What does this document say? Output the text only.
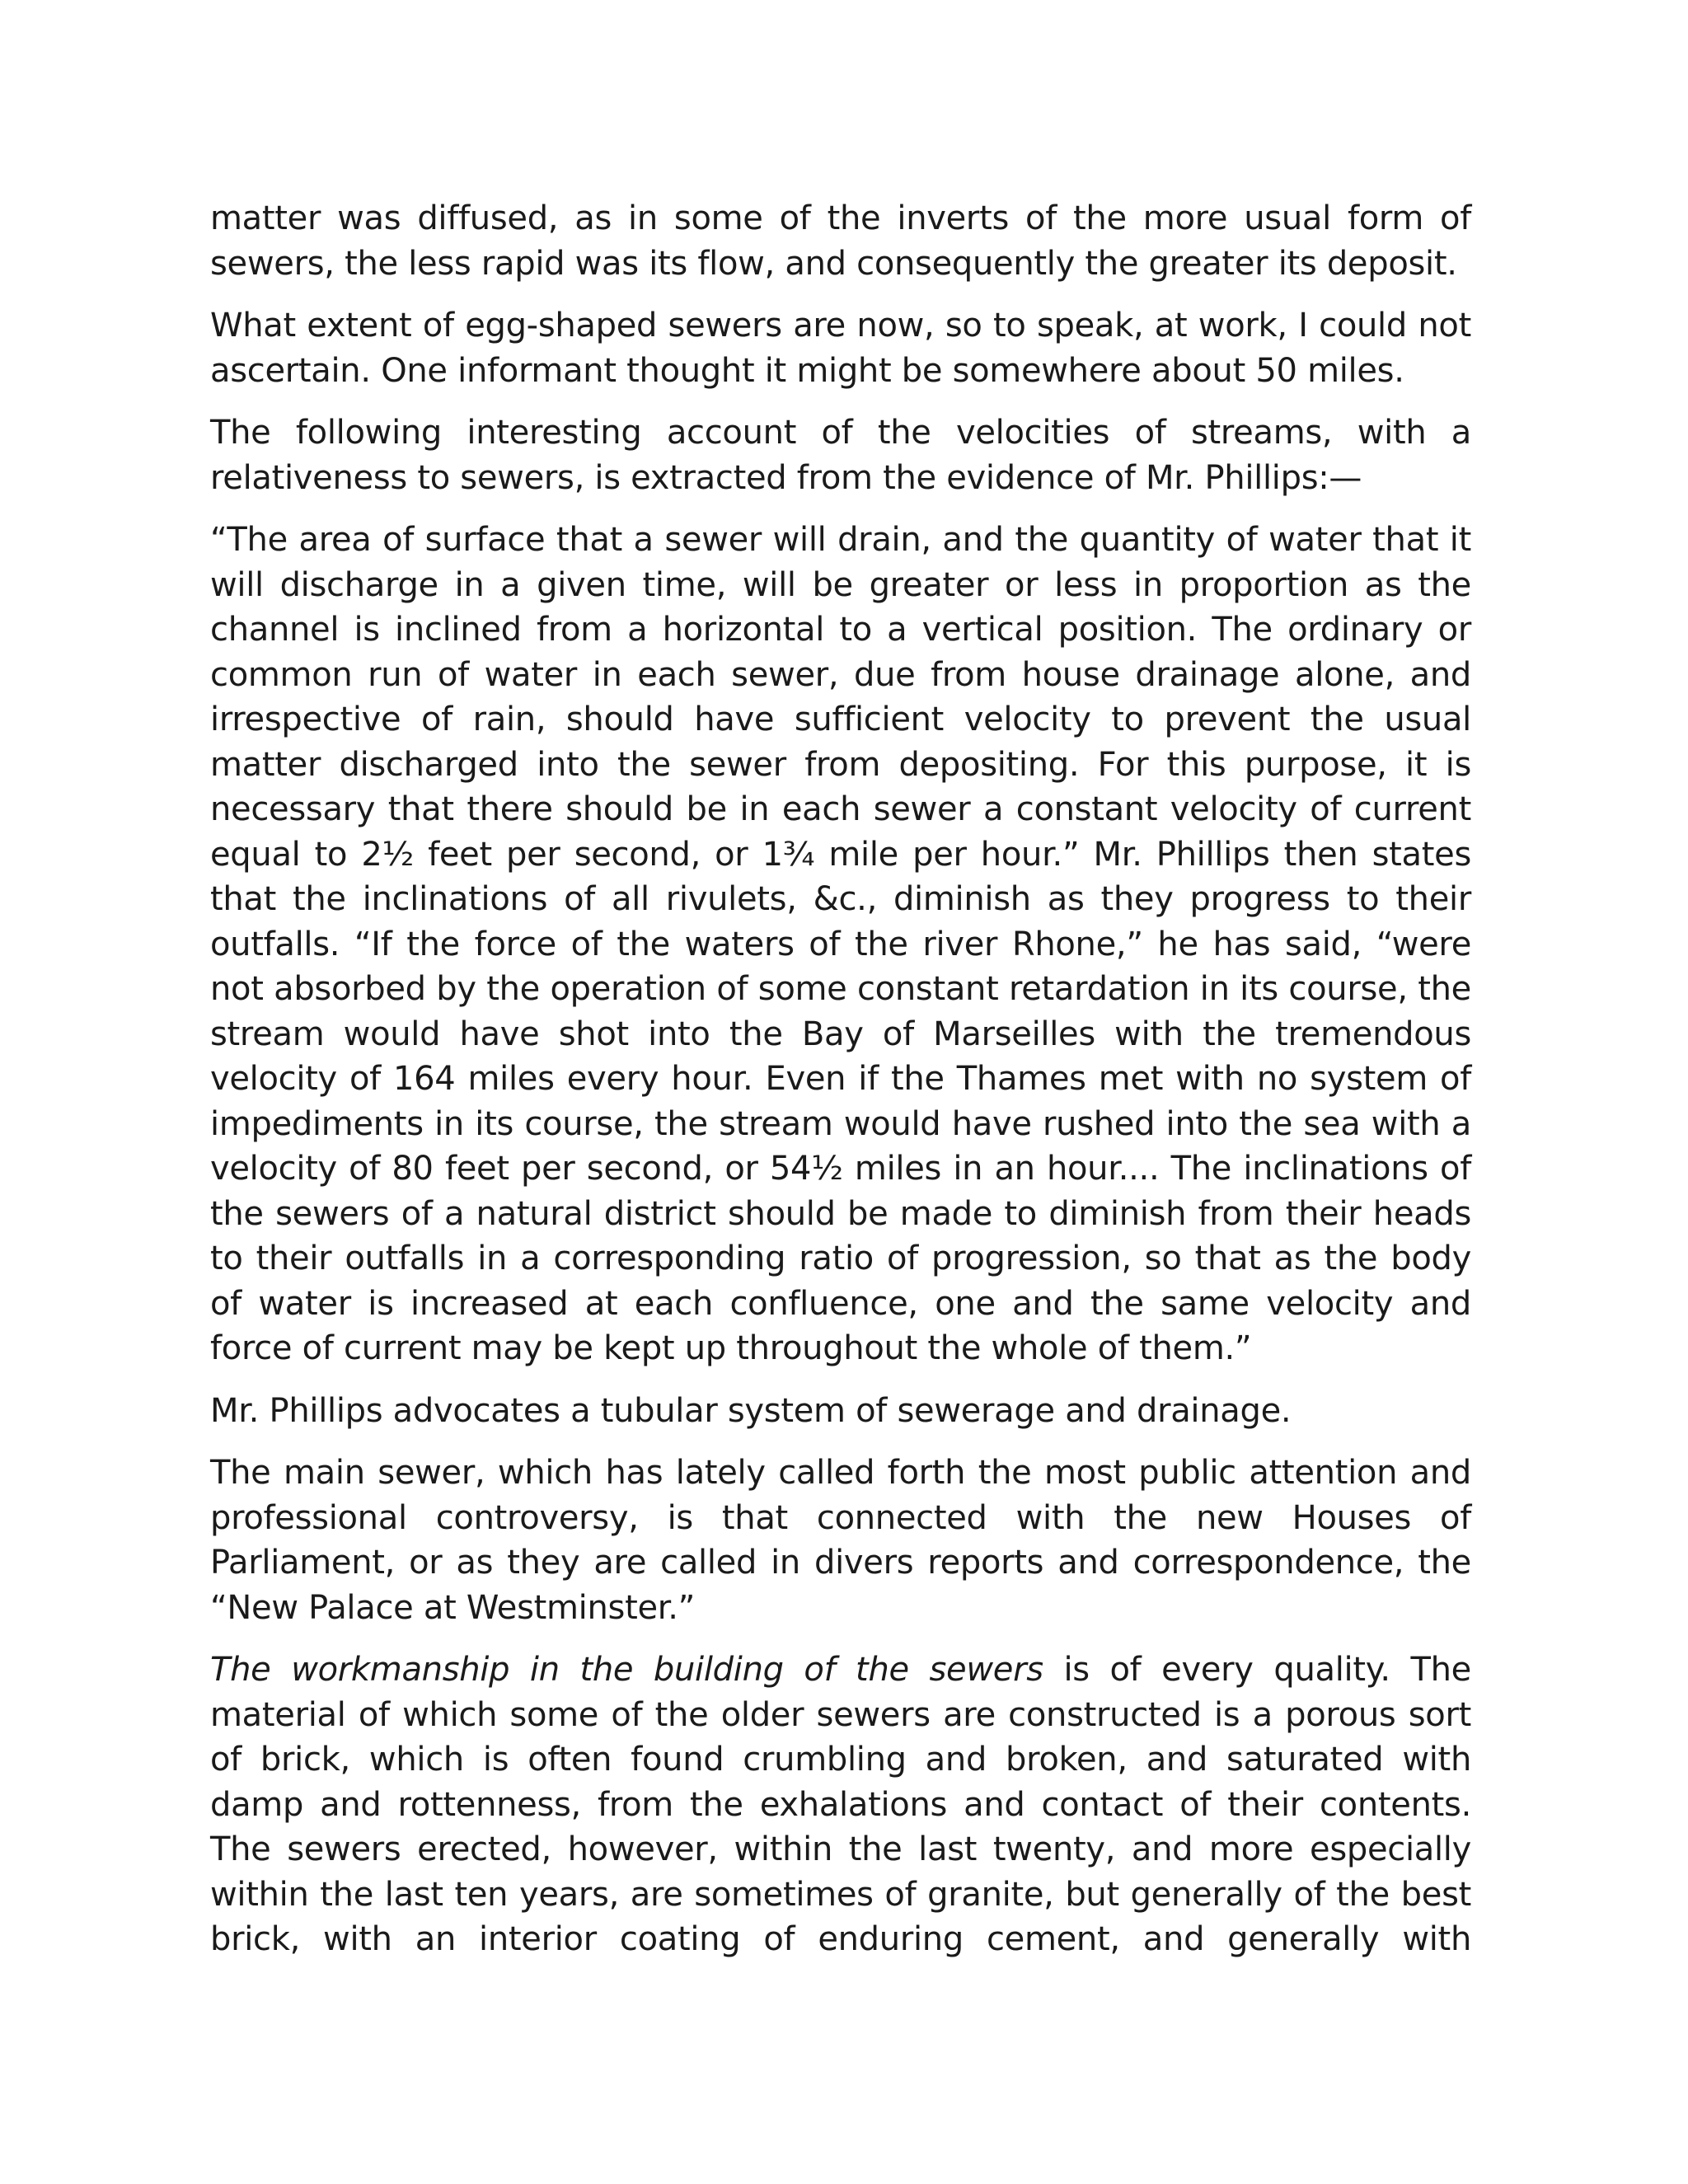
matter was diffused, as in some of the inverts of the more usual form of sewers, the less rapid was its flow, and consequently the greater its deposit.

What extent of egg-shaped sewers are now, so to speak, at work, I could not ascertain. One informant thought it might be somewhere about 50 miles.

The following interesting account of the velocities of streams, with a relativeness to sewers, is extracted from the evidence of Mr. Phillips:—

“The area of surface that a sewer will drain, and the quantity of water that it will discharge in a given time, will be greater or less in proportion as the channel is inclined from a horizontal to a vertical position. The ordinary or common run of water in each sewer, due from house drainage alone, and irrespective of rain, should have sufficient velocity to prevent the usual matter discharged into the sewer from depositing. For this purpose, it is necessary that there should be in each sewer a constant velocity of current equal to 2½ feet per second, or 1¾ mile per hour.” Mr. Phillips then states that the inclinations of all rivulets, &c., diminish as they progress to their outfalls. “If the force of the waters of the river Rhone,” he has said, “were not absorbed by the operation of some constant retardation in its course, the stream would have shot into the Bay of Marseilles with the tremendous velocity of 164 miles every hour. Even if the Thames met with no system of impediments in its course, the stream would have rushed into the sea with a velocity of 80 feet per second, or 54½ miles in an hour.... The inclinations of the sewers of a natural district should be made to diminish from their heads to their outfalls in a corresponding ratio of progression, so that as the body of water is increased at each confluence, one and the same velocity and force of current may be kept up throughout the whole of them.”

Mr. Phillips advocates a tubular system of sewerage and drainage.

The main sewer, which has lately called forth the most public attention and professional controversy, is that connected with the new Houses of Parliament, or as they are called in divers reports and correspondence, the “New Palace at Westminster.”

The workmanship in the building of the sewers is of every quality. The material of which some of the older sewers are constructed is a porous sort of brick, which is often found crumbling and broken, and saturated with damp and rottenness, from the exhalations and contact of their contents. The sewers erected, however, within the last twenty, and more especially within the last ten years, are sometimes of granite, but generally of the best brick, with an interior coating of enduring cement, and generally with
